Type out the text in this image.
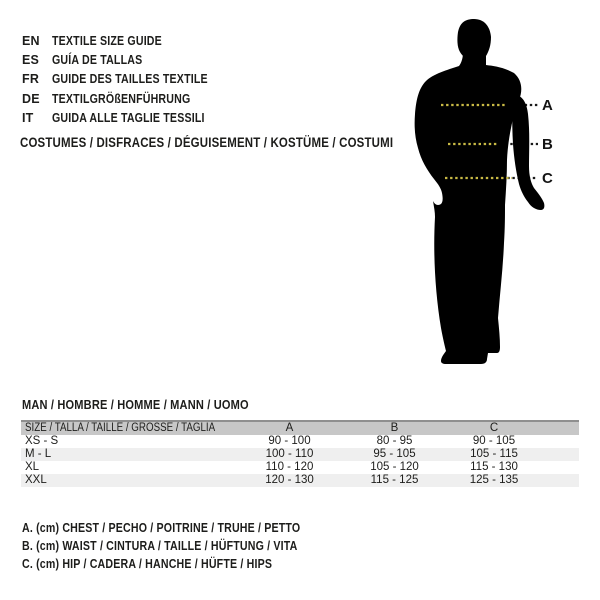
EN TEXTILE SIZE GUIDE
ES	GUÍA DE TALLAS
FR	GUIDE DES TAILLES TEXTILE
DE TEXTILGRÖßENFÜHRUNG
IT	GUIDA ALLE TAGLIE TESSILI
COSTUMES / DISFRACES / DÉGUISEMENT / KOSTÜME / COSTUMI
A
B
C
MAN / HOMBRE / HOMME / MANN / UOMO
SIZE / TALLA / TAILLE / GRÖSSE / TAGLIA	A	B	C
XS - S	90 - 100	80 - 95	90 - 105
M - L	100 - 110	95 - 105	105 - 115
XL	110 - 120	105 - 120	115 - 130
XXL	120 - 130	115 - 125	125 - 135
A. (cm) CHEST / PECHO / POITRINE / TRUHE / PETTO
B. (cm) WAIST / CINTURA / TAILLE / HÜFTUNG / VITA
C. (cm) HIP / CADERA / HANCHE / HÜFTE / HIPS
